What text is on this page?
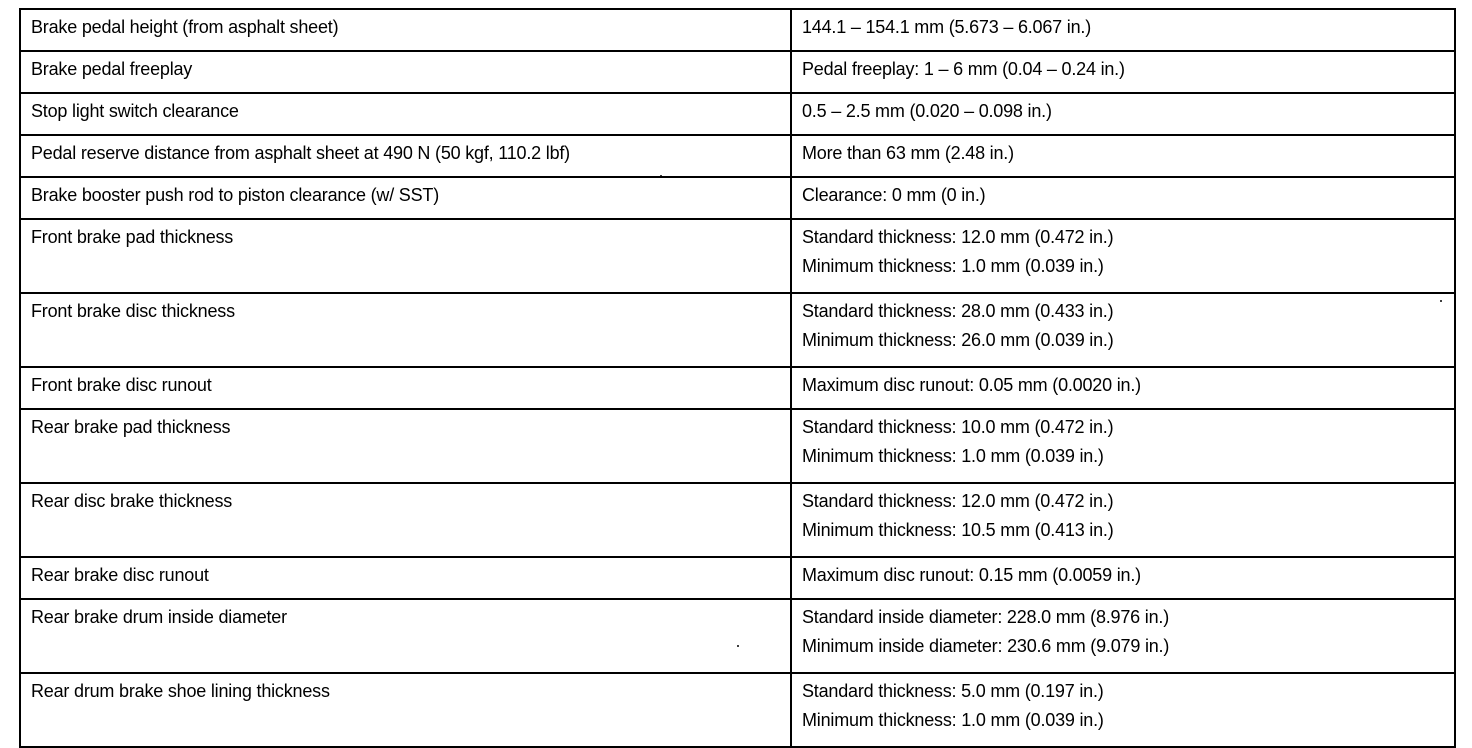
Brake pedal height (from asphalt sheet)	144.1 – 154.1 mm (5.673 – 6.067 in.)

Brake pedal freeplay	Pedal freeplay: 1 – 6 mm (0.04 – 0.24 in.)

Stop light switch clearance	0.5 – 2.5 mm (0.020 – 0.098 in.)

Pedal reserve distance from asphalt sheet at 490 N (50 kgf, 110.2 lbf)	More than 63 mm (2.48 in.)

Brake booster push rod to piston clearance (w/ SST)	Clearance: 0 mm (0 in.)

Front brake pad thickness	Standard thickness: 12.0 mm (0.472 in.)
Minimum thickness: 1.0 mm (0.039 in.)

Front brake disc thickness	Standard thickness: 28.0 mm (0.433 in.)
Minimum thickness: 26.0 mm (0.039 in.)

Front brake disc runout	Maximum disc runout: 0.05 mm (0.0020 in.)

Rear brake pad thickness	Standard thickness: 10.0 mm (0.472 in.)
Minimum thickness: 1.0 mm (0.039 in.)

Rear disc brake thickness	Standard thickness: 12.0 mm (0.472 in.)
Minimum thickness: 10.5 mm (0.413 in.)

Rear brake disc runout	Maximum disc runout: 0.15 mm (0.0059 in.)

Rear brake drum inside diameter	Standard inside diameter: 228.0 mm (8.976 in.)
Minimum inside diameter: 230.6 mm (9.079 in.)

Rear drum brake shoe lining thickness	Standard thickness: 5.0 mm (0.197 in.)
Minimum thickness: 1.0 mm (0.039 in.)
